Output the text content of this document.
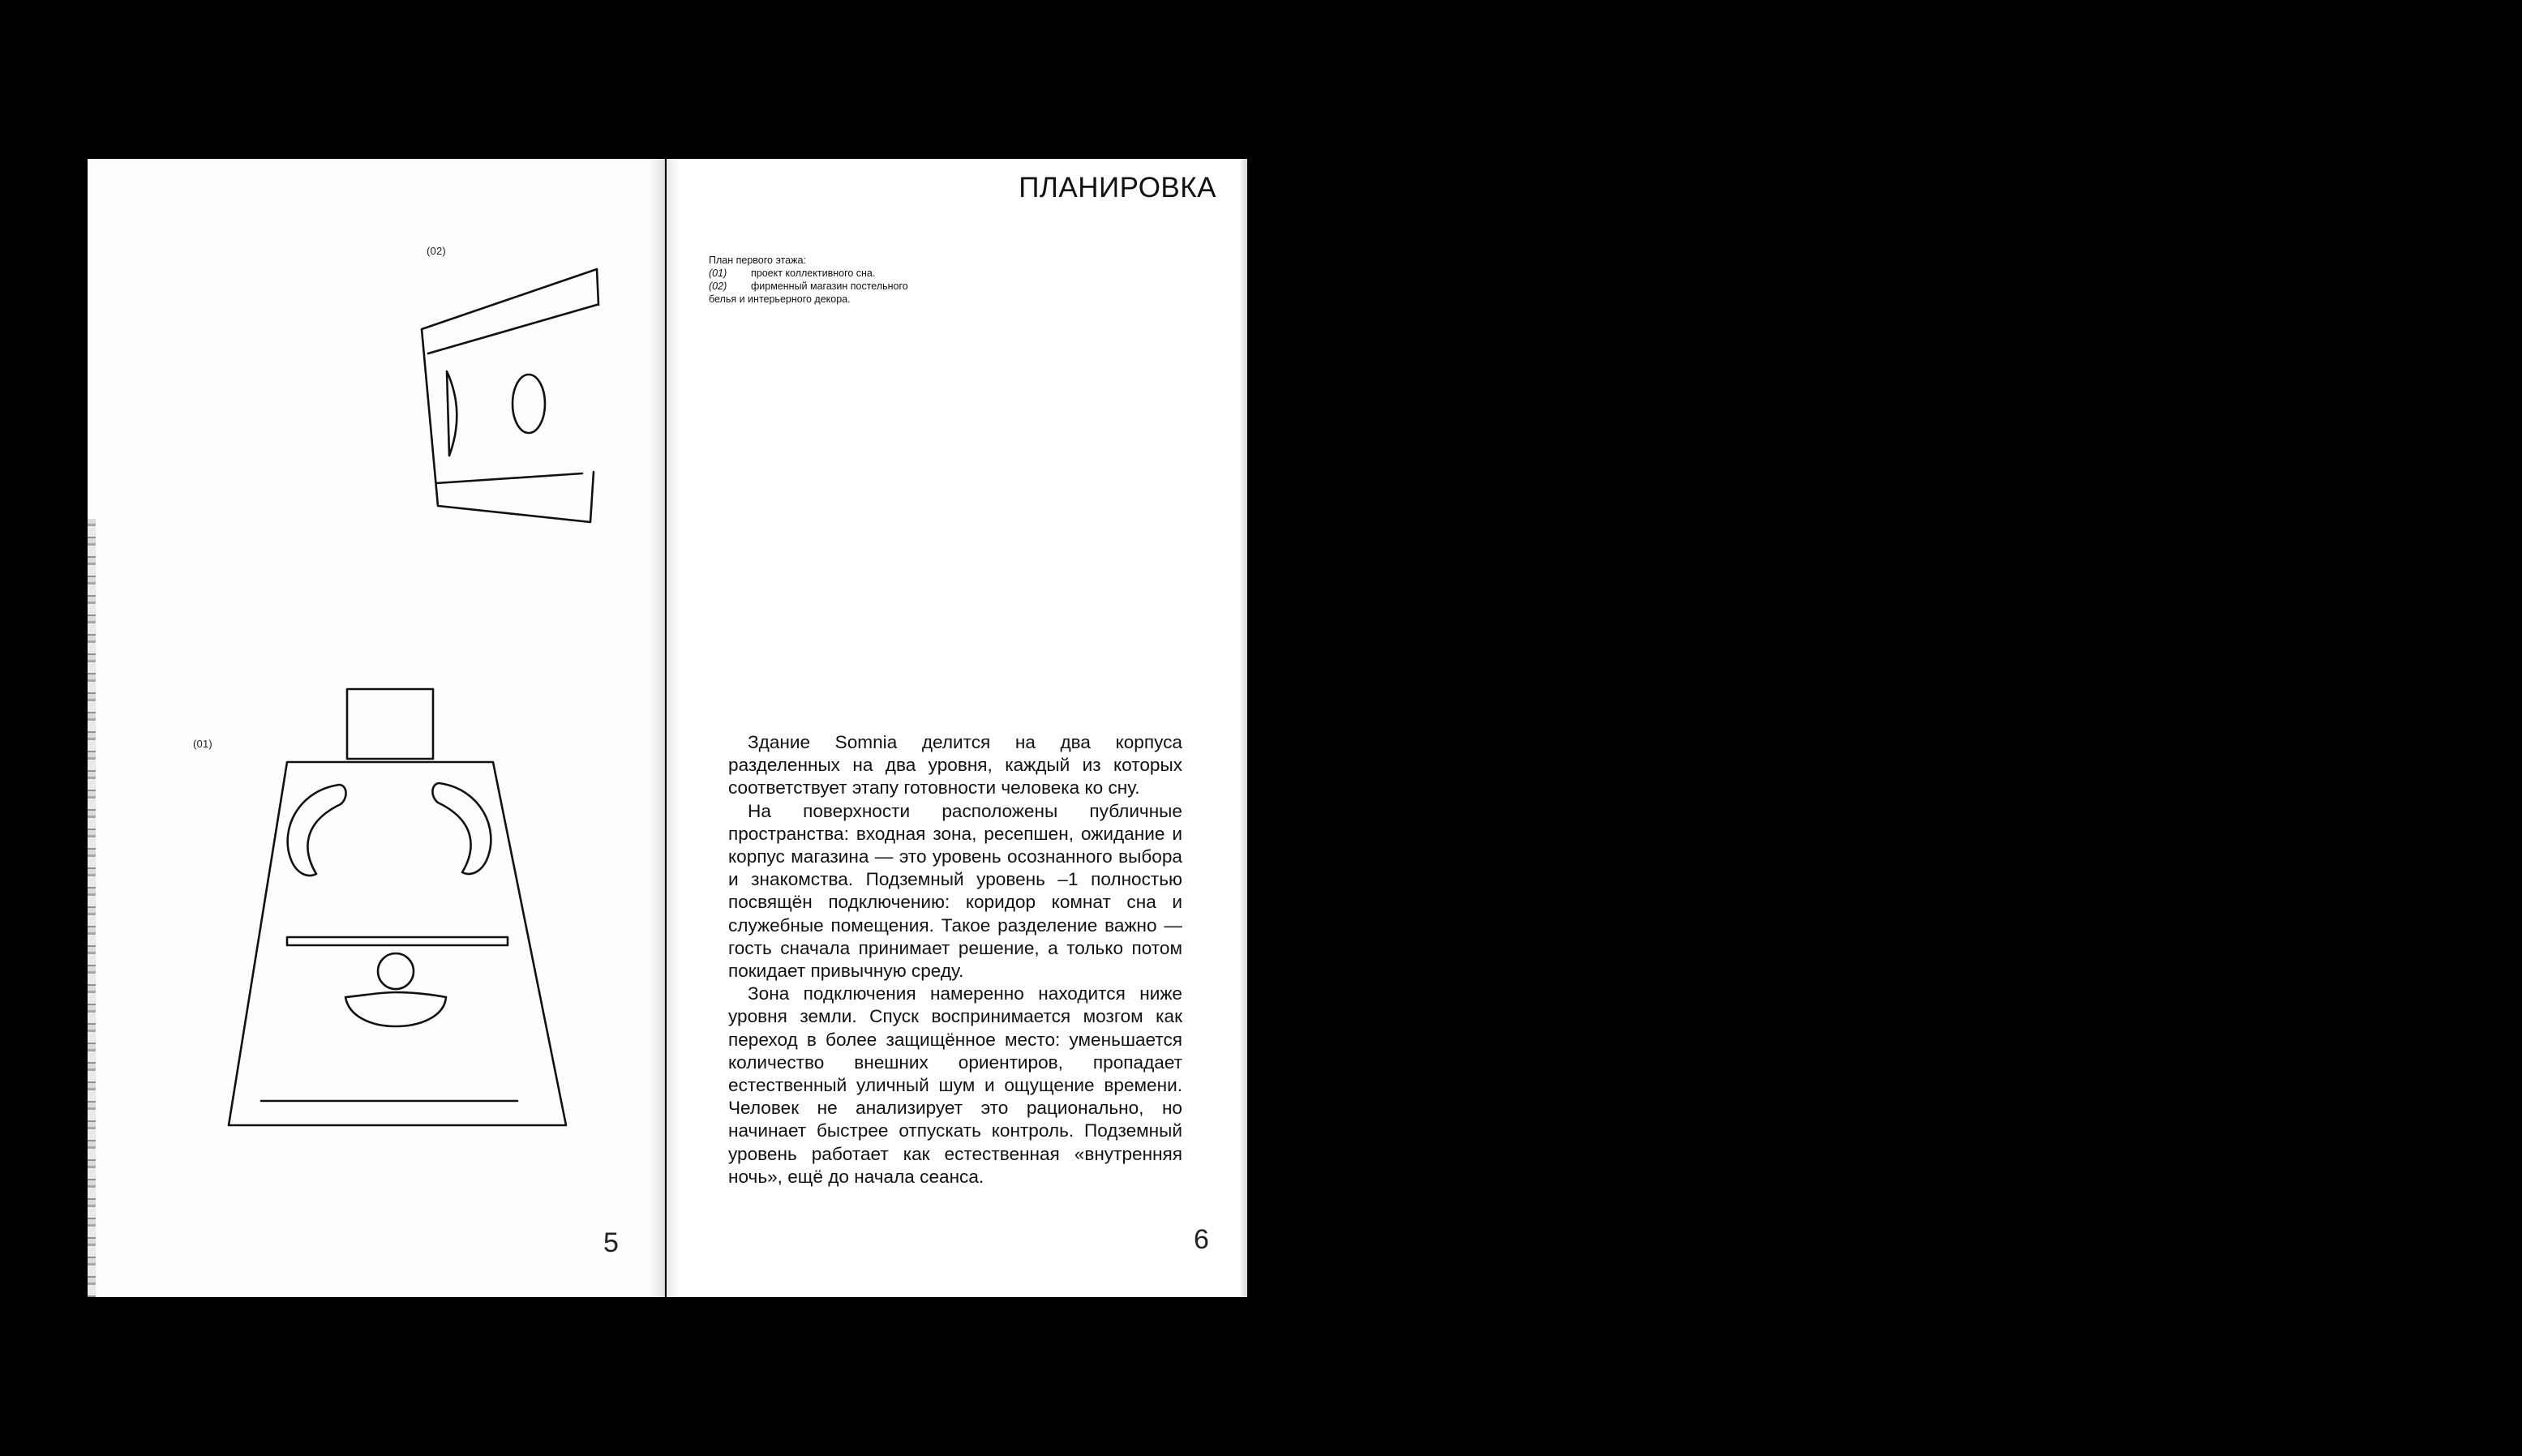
(02)
(01)
5
ПЛАНИРОВКА
План первого этажа:
(01)	проект коллективного сна.
(02)	фирменный магазин постельного
белья и интерьерного декора.

Здание Somnia делится на два корпуса разделенных на два уровня, каждый из которых соответствует этапу готовности человека ко сну.

На поверхности расположены публичные пространства: входная зона, ресепшен, ожидание и корпус магазина — это уровень осознанного выбора и знакомства. Подземный уровень –1 полностью посвящён подключению: коридор комнат сна и служебные помещения. Такое разделение важно — гость сначала принимает решение, а только потом покидает привычную среду.

Зона подключения намеренно находится ниже уровня земли. Спуск воспринимается мозгом как переход в более защищённое место: уменьшается количество внешних ориентиров, пропадает естественный уличный шум и ощущение времени. Человек не анализирует это рационально, но начинает быстрее отпускать контроль. Подземный уровень работает как естественная «внутренняя ночь», ещё до начала сеанса.

6
